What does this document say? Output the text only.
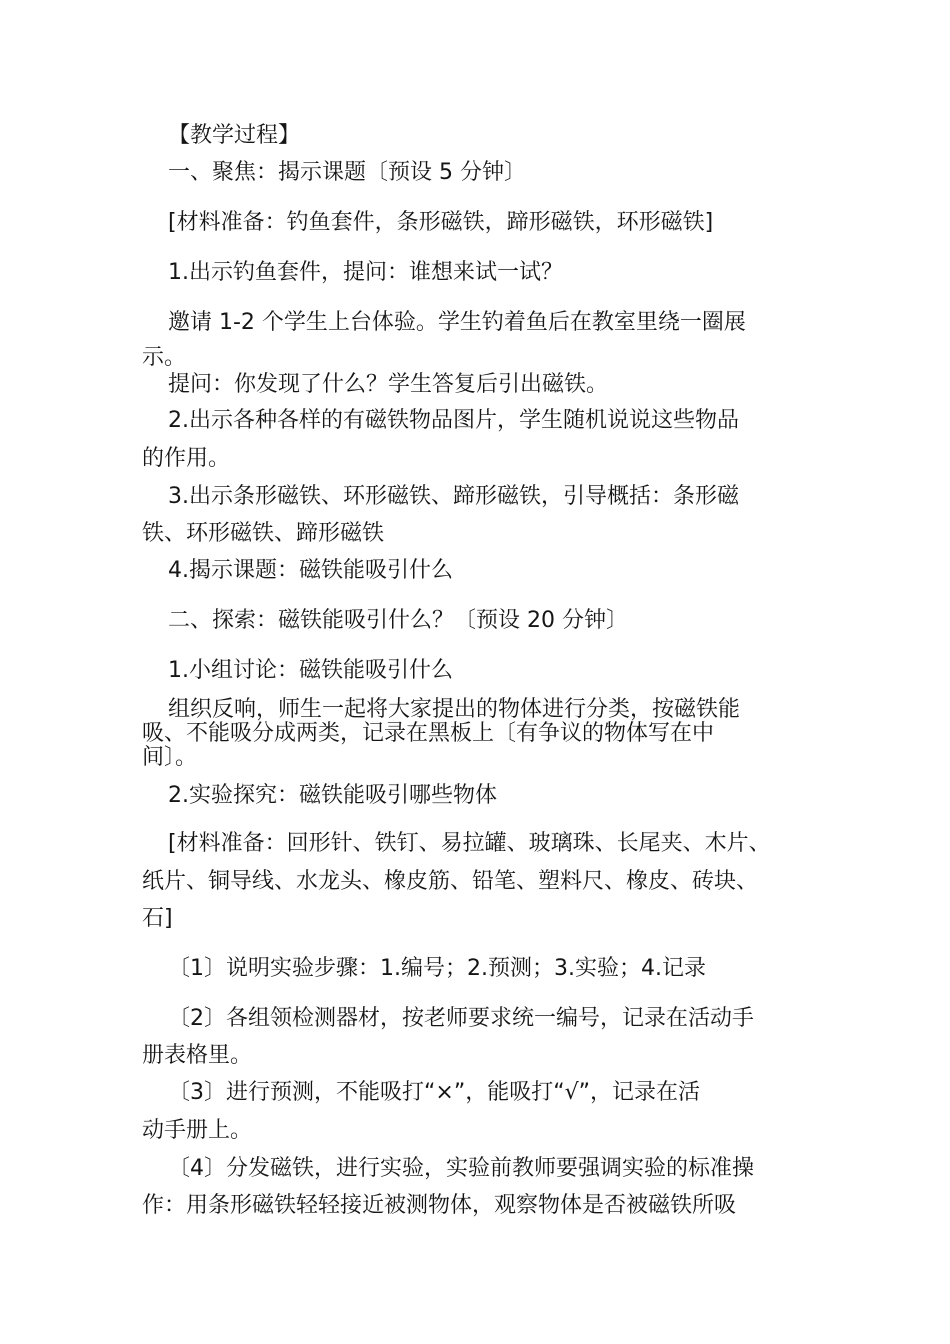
【教学过程】
一、聚焦：揭示课题〔预设 5 分钟〕
[材料准备：钓鱼套件，条形磁铁，蹄形磁铁，环形磁铁]
1.出示钓鱼套件，提问：谁想来试一试？
邀请 1-2 个学生上台体验。学生钓着鱼后在教室里绕一圈展
示。
提问：你发现了什么？学生答复后引出磁铁。
2.出示各种各样的有磁铁物品图片，学生随机说说这些物品
的作用。
3.出示条形磁铁、环形磁铁、蹄形磁铁，引导概括：条形磁
铁、环形磁铁、蹄形磁铁
4.揭示课题：磁铁能吸引什么
二、探索：磁铁能吸引什么？〔预设 20 分钟〕
1.小组讨论：磁铁能吸引什么
组织反响，师生一起将大家提出的物体进行分类，按磁铁能
吸、不能吸分成两类，记录在黑板上〔有争议的物体写在中
间〕。
2.实验探究：磁铁能吸引哪些物体
[材料准备：回形针、铁钉、易拉罐、玻璃珠、长尾夹、木片、
纸片、铜导线、水龙头、橡皮筋、铅笔、塑料尺、橡皮、砖块、
石]
〔1〕说明实验步骤：1.编号；2.预测；3.实验；4.记录
〔2〕各组领检测器材，按老师要求统一编号，记录在活动手
册表格里。
〔3〕进行预测，不能吸打“×”，能吸打“√”，记录在活
动手册上。
〔4〕分发磁铁，进行实验，实验前教师要强调实验的标准操
作：用条形磁铁轻轻接近被测物体，观察物体是否被磁铁所吸
